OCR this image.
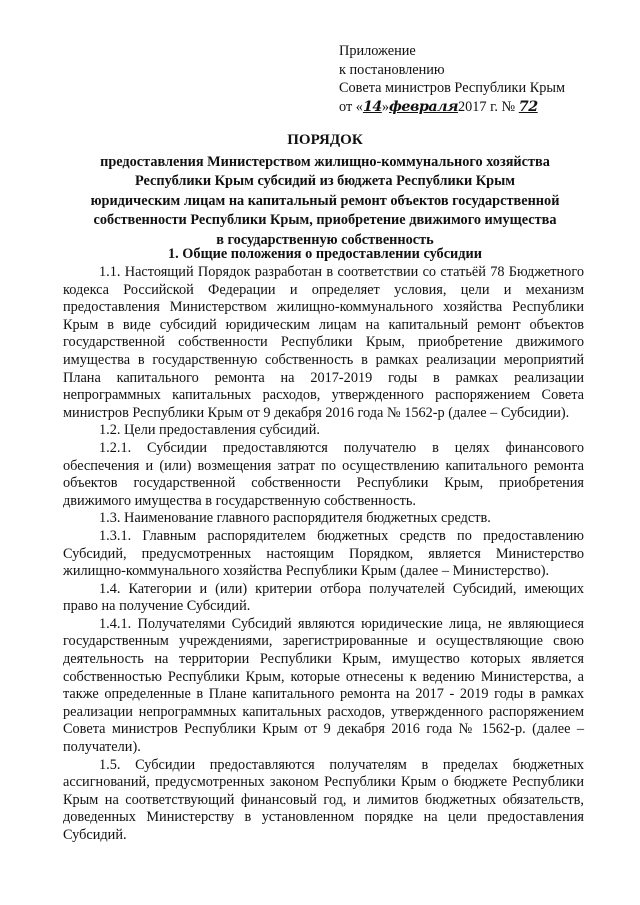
Приложение
к постановлению
Совета министров Республики Крым
от «14»февраля2017 г. № 72
ПОРЯДОК
предоставления Министерством жилищно-коммунального хозяйства
Республики Крым субсидий из бюджета Республики Крым
юридическим лицам на капитальный ремонт объектов государственной
собственности Республики Крым, приобретение движимого имущества
в государственную собственность
1. Общие положения о предоставлении субсидии

1.1. Настоящий Порядок разработан в соответствии со статьёй 78 Бюджетного кодекса Российской Федерации и определяет условия, цели и механизм предоставления Министерством жилищно-коммунального хозяйства Республики Крым в виде субсидий юридическим лицам на капитальный ремонт объектов государственной собственности Республики Крым, приобретение движимого имущества в государственную собственность в рамках реализации мероприятий Плана капитального ремонта на 2017-2019 годы в рамках реализации непрограммных капитальных расходов, утвержденного распоряжением Совета министров Республики Крым от 9 декабря 2016 года № 1562-р (далее – Субсидии).

1.2. Цели предоставления субсидий.

1.2.1. Субсидии предоставляются получателю в целях финансового обеспечения и (или) возмещения затрат по осуществлению капитального ремонта объектов государственной собственности Республики Крым, приобретения движимого имущества в государственную собственность.

1.3. Наименование главного распорядителя бюджетных средств.

1.3.1. Главным распорядителем бюджетных средств по предоставлению Субсидий, предусмотренных настоящим Порядком, является Министерство жилищно-коммунального хозяйства Республики Крым (далее – Министерство).

1.4. Категории и (или) критерии отбора получателей Субсидий, имеющих право на получение Субсидий.

1.4.1. Получателями Субсидий являются юридические лица, не являющиеся государственным учреждениями, зарегистрированные и осуществляющие свою деятельность на территории Республики Крым, имущество которых является собственностью Республики Крым, которые отнесены к ведению Министерства, а также определенные в Плане капитального ремонта на 2017 - 2019 годы в рамках реализации непрограммных капитальных расходов, утвержденного распоряжением Совета министров Республики Крым от 9 декабря 2016 года № 1562-р. (далее – получатели).

1.5. Субсидии предоставляются получателям в пределах бюджетных ассигнований, предусмотренных законом Республики Крым о бюджете Республики Крым на соответствующий финансовый год, и лимитов бюджетных обязательств, доведенных Министерству в установленном порядке на цели предоставления Субсидий.
